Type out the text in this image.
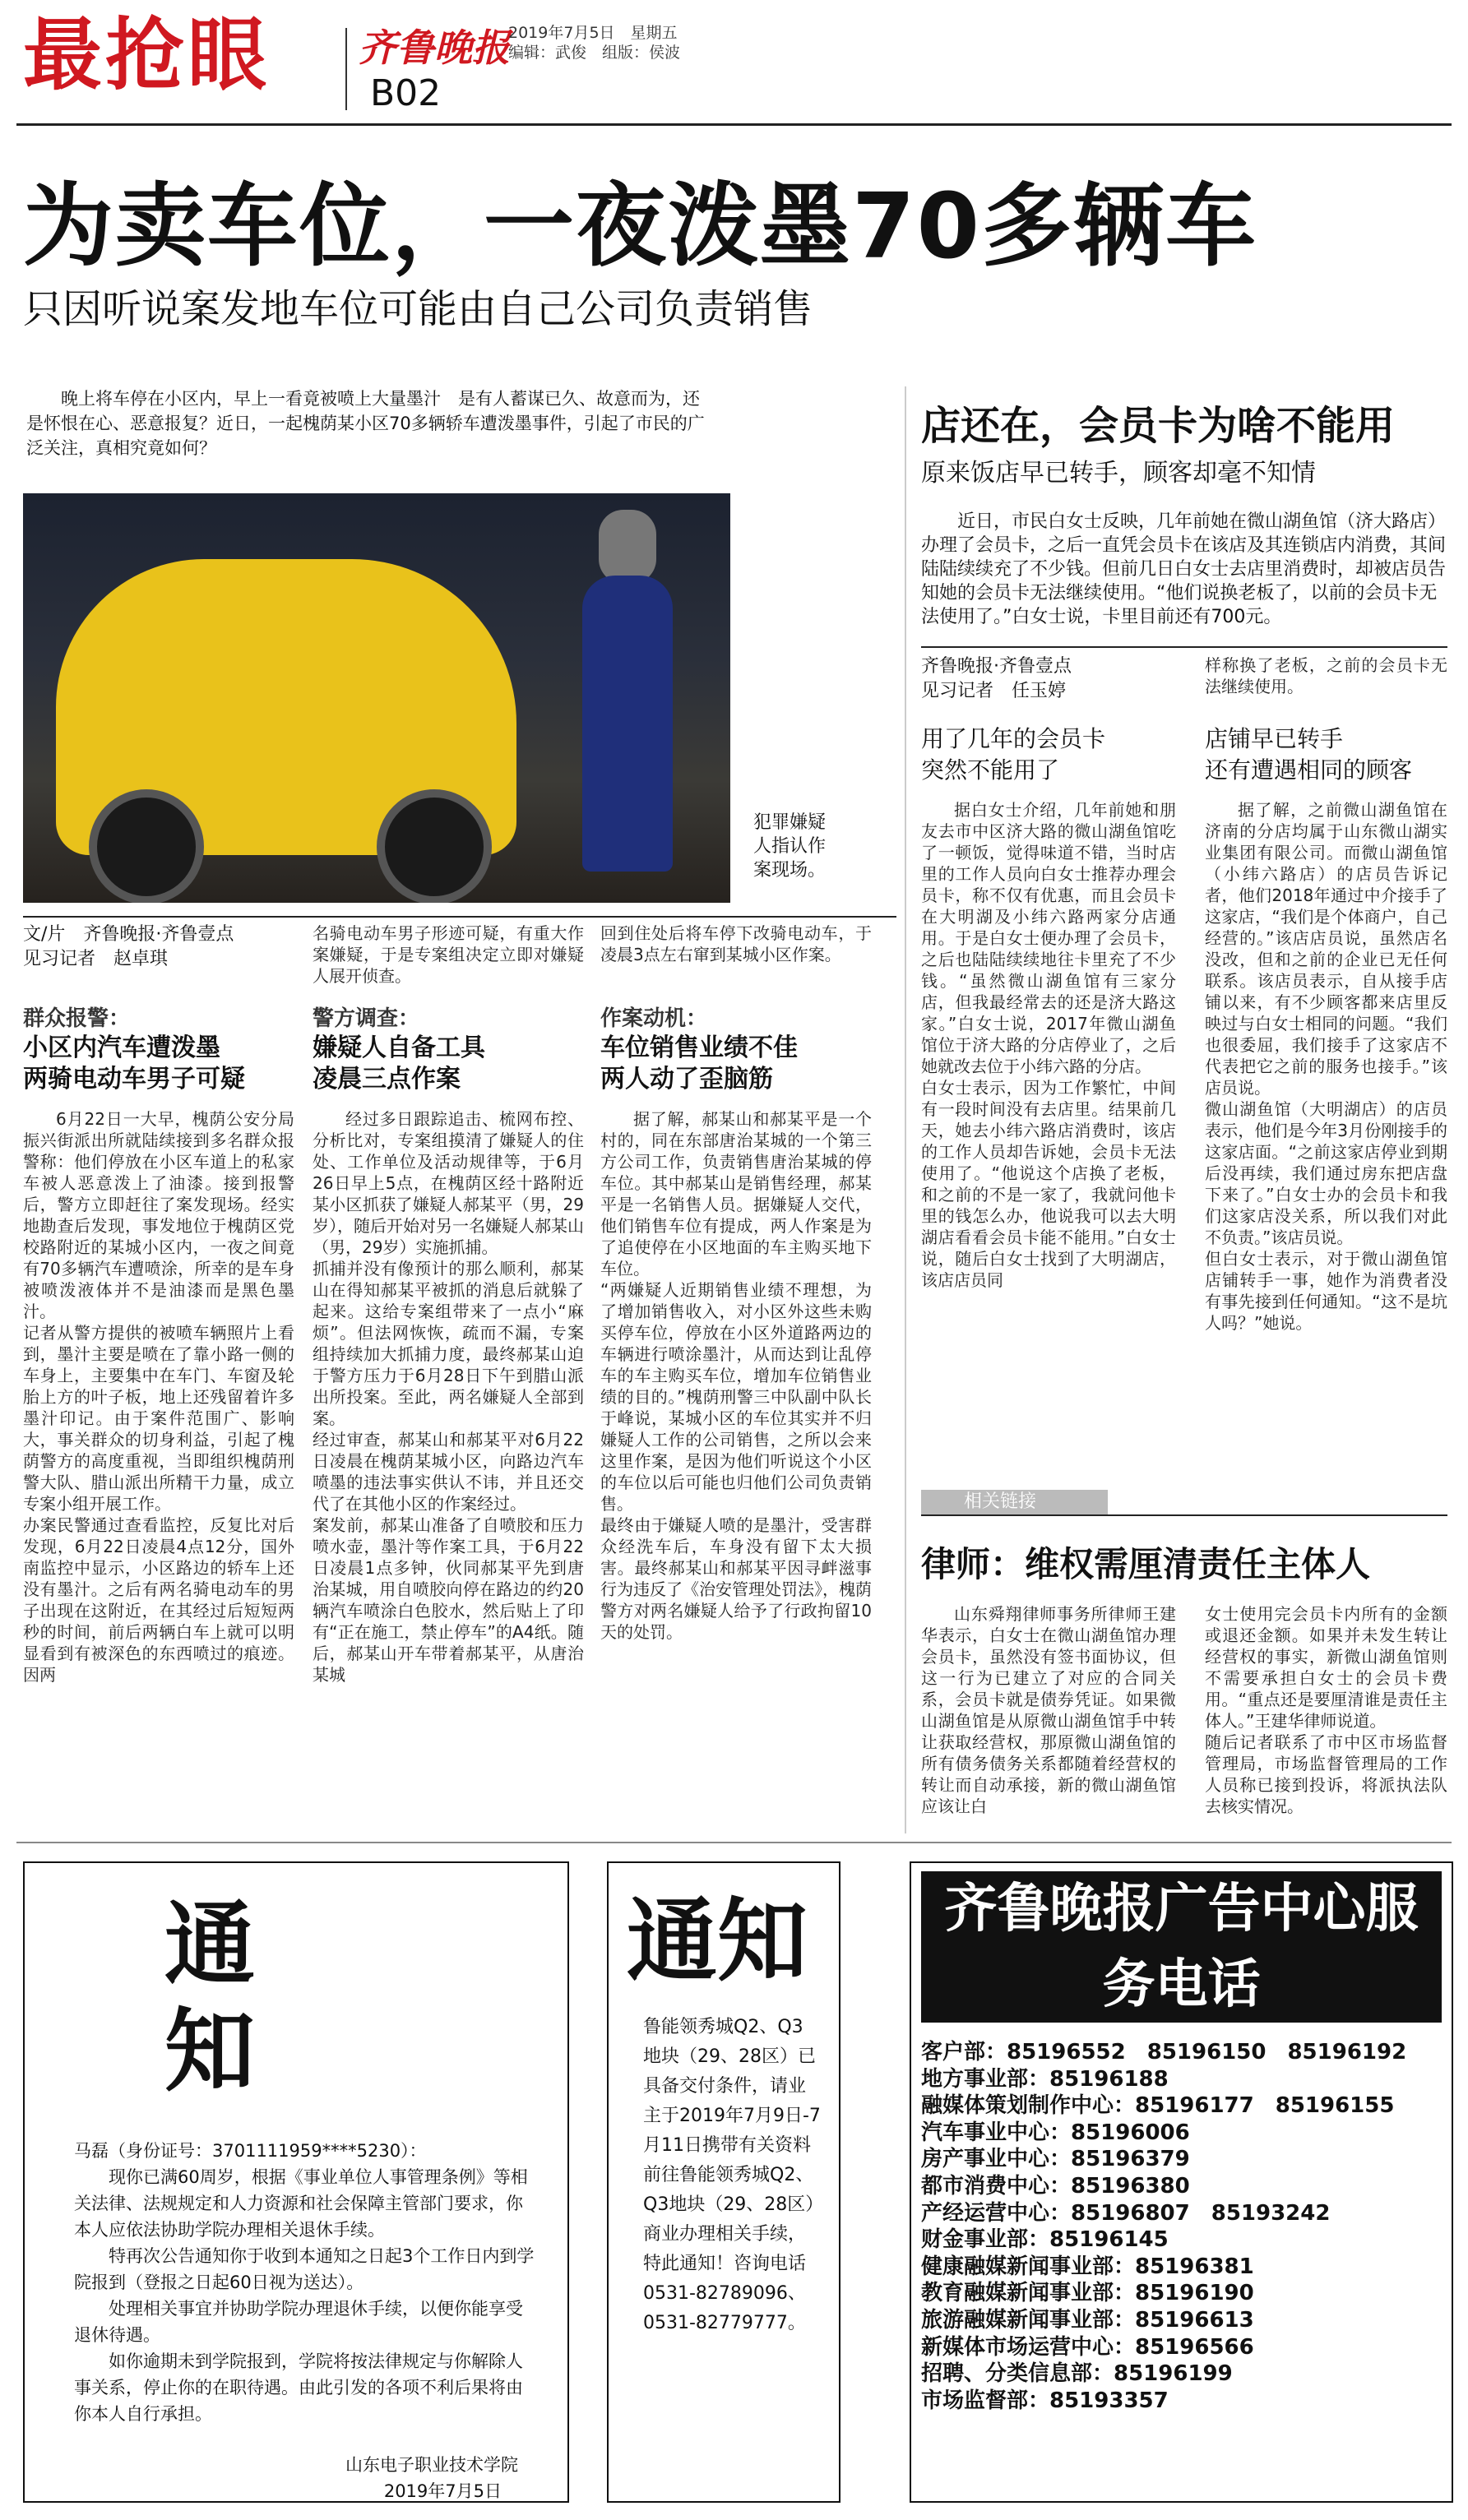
最抢眼 齐鲁晚报
B02
2019年7月5日　星期五
编辑：武俊　组版：侯波
为卖车位，一夜泼墨70多辆车
只因听说案发地车位可能由自己公司负责销售

晚上将车停在小区内，早上一看竟被喷上大量墨汁　是有人蓄谋已久、故意而为，还是怀恨在心、恶意报复？近日，一起槐荫某小区70多辆轿车遭泼墨事件，引起了市民的广泛关注，真相究竟如何？

犯罪嫌疑人指认作案现场。
文/片　齐鲁晚报·齐鲁壹点
见习记者　赵卓琪
群众报警：
小区内汽车遭泼墨
两骑电动车男子可疑
6月22日一大早，槐荫公安分局振兴街派出所就陆续接到多名群众报警称：他们停放在小区车道上的私家车被人恶意泼上了油漆。接到报警后，警方立即赶往了案发现场。经实地勘查后发现，事发地位于槐荫区党校路附近的某城小区内，一夜之间竟有70多辆汽车遭喷涂，所幸的是车身被喷泼液体并不是油漆而是黑色墨汁。
记者从警方提供的被喷车辆照片上看到，墨汁主要是喷在了靠小路一侧的车身上，主要集中在车门、车窗及轮胎上方的叶子板，地上还残留着许多墨汁印记。由于案件范围广、影响大，事关群众的切身利益，引起了槐荫警方的高度重视，当即组织槐荫刑警大队、腊山派出所精干力量，成立专案小组开展工作。
办案民警通过查看监控，反复比对后发现，6月22日凌晨4点12分，国外南监控中显示，小区路边的轿车上还没有墨汁。之后有两名骑电动车的男子出现在这附近，在其经过后短短两秒的时间，前后两辆白车上就可以明显看到有被深色的东西喷过的痕迹。因两
名骑电动车男子形迹可疑，有重大作案嫌疑，于是专案组决定立即对嫌疑人展开侦查。
警方调查：
嫌疑人自备工具
凌晨三点作案
经过多日跟踪追击、梳网布控、分析比对，专案组摸清了嫌疑人的住处、工作单位及活动规律等，于6月26日早上5点，在槐荫区经十路附近某小区抓获了嫌疑人郝某平（男，29岁），随后开始对另一名嫌疑人郝某山（男，29岁）实施抓捕。
抓捕并没有像预计的那么顺利，郝某山在得知郝某平被抓的消息后就躲了起来。这给专案组带来了一点小“麻烦”。但法网恢恢，疏而不漏，专案组持续加大抓捕力度，最终郝某山迫于警方压力于6月28日下午到腊山派出所投案。至此，两名嫌疑人全部到案。
经过审查，郝某山和郝某平对6月22日凌晨在槐荫某城小区，向路边汽车喷墨的违法事实供认不讳，并且还交代了在其他小区的作案经过。
案发前，郝某山准备了自喷胶和压力喷水壶，墨汁等作案工具，于6月22日凌晨1点多钟，伙同郝某平先到唐治某城，用自喷胶向停在路边的约20辆汽车喷涂白色胶水，然后贴上了印有“正在施工，禁止停车”的A4纸。随后，郝某山开车带着郝某平，从唐治某城
回到住处后将车停下改骑电动车，于凌晨3点左右窜到某城小区作案。
作案动机：
车位销售业绩不佳
两人动了歪脑筋
据了解，郝某山和郝某平是一个村的，同在东部唐治某城的一个第三方公司工作，负责销售唐治某城的停车位。其中郝某山是销售经理，郝某平是一名销售人员。据嫌疑人交代，他们销售车位有提成，两人作案是为了追使停在小区地面的车主购买地下车位。
“两嫌疑人近期销售业绩不理想，为了增加销售收入，对小区外这些未购买停车位，停放在小区外道路两边的车辆进行喷涂墨汁，从而达到让乱停车的车主购买车位，增加车位销售业绩的目的。”槐荫刑警三中队副中队长于峰说，某城小区的车位其实并不归嫌疑人工作的公司销售，之所以会来这里作案，是因为他们听说这个小区的车位以后可能也归他们公司负责销售。
最终由于嫌疑人喷的是墨汁，受害群众经洗车后，车身没有留下太大损害。最终郝某山和郝某平因寻衅滋事行为违反了《治安管理处罚法》，槐荫警方对两名嫌疑人给予了行政拘留10天的处罚。
店还在，会员卡为啥不能用
原来饭店早已转手，顾客却毫不知情

近日，市民白女士反映，几年前她在微山湖鱼馆（济大路店）办理了会员卡，之后一直凭会员卡在该店及其连锁店内消费，其间陆陆续续充了不少钱。但前几日白女士去店里消费时，却被店员告知她的会员卡无法继续使用。“他们说换老板了，以前的会员卡无法使用了。”白女士说，卡里目前还有700元。

齐鲁晚报·齐鲁壹点
见习记者　任玉婷
样称换了老板，之前的会员卡无法继续使用。
用了几年的会员卡
突然不能用了
据白女士介绍，几年前她和朋友去市中区济大路的微山湖鱼馆吃了一顿饭，觉得味道不错，当时店里的工作人员向白女士推荐办理会员卡，称不仅有优惠，而且会员卡在大明湖及小纬六路两家分店通用。于是白女士便办理了会员卡，之后也陆陆续续地往卡里充了不少钱。“虽然微山湖鱼馆有三家分店，但我最经常去的还是济大路这家。”白女士说，2017年微山湖鱼馆位于济大路的分店停业了，之后她就改去位于小纬六路的分店。
白女士表示，因为工作繁忙，中间有一段时间没有去店里。结果前几天，她去小纬六路店消费时，该店的工作人员却告诉她，会员卡无法使用了。“他说这个店换了老板，和之前的不是一家了，我就问他卡里的钱怎么办，他说我可以去大明湖店看看会员卡能不能用。”白女士说，随后白女士找到了大明湖店，该店店员同
店铺早已转手
还有遭遇相同的顾客
据了解，之前微山湖鱼馆在济南的分店均属于山东微山湖实业集团有限公司。而微山湖鱼馆（小纬六路店）的店员告诉记者，他们2018年通过中介接手了这家店，“我们是个体商户，自己经营的。”该店店员说，虽然店名没改，但和之前的企业已无任何联系。该店员表示，自从接手店铺以来，有不少顾客都来店里反映过与白女士相同的问题。“我们也很委屈，我们接手了这家店不代表把它之前的服务也接手。”该店员说。
微山湖鱼馆（大明湖店）的店员表示，他们是今年3月份刚接手的这家店面。“之前这家店停业到期后没再续，我们通过房东把店盘下来了。”白女士办的会员卡和我们这家店没关系，所以我们对此不负责。”该店员说。
但白女士表示，对于微山湖鱼馆店铺转手一事，她作为消费者没有事先接到任何通知。“这不是坑人吗？”她说。
相关链接
律师：维权需厘清责任主体人
山东舜翔律师事务所律师王建华表示，白女士在微山湖鱼馆办理会员卡，虽然没有签书面协议，但这一行为已建立了对应的合同关系，会员卡就是债券凭证。如果微山湖鱼馆是从原微山湖鱼馆手中转让获取经营权，那原微山湖鱼馆的所有债务债务关系都随着经营权的转让而自动承接，新的微山湖鱼馆应该让白
女士使用完会员卡内所有的金额或退还金额。如果并未发生转让经营权的事实，新微山湖鱼馆则不需要承担白女士的会员卡费用。“重点还是要厘清谁是责任主体人。”王建华律师说道。
随后记者联系了市中区市场监督管理局，市场监督管理局的工作人员称已接到投诉，将派执法队去核实情况。
通　知

马磊（身份证号：3701111959****5230）：

现你已满60周岁，根据《事业单位人事管理条例》等相关法律、法规规定和人力资源和社会保障主管部门要求，你本人应依法协助学院办理相关退休手续。

特再次公告通知你于收到本通知之日起3个工作日内到学院报到（登报之日起60日视为送达）。

处理相关事宜并协助学院办理退休手续，以便你能享受退休待遇。

如你逾期未到学院报到，学院将按法律规定与你解除人事关系，停止你的在职待遇。由此引发的各项不利后果将由你本人自行承担。

山东电子职业技术学院

2019年7月5日

通知
鲁能领秀城Q2、Q3地块（29、28区）已具备交付条件，请业主于2019年7月9日-7月11日携带有关资料前往鲁能领秀城Q2、Q3地块（29、28区）商业办理相关手续，特此通知！咨询电话0531-82789096、0531-82779777。
齐鲁晚报广告中心服务电话
客户部：85196552　85196150　85196192
地方事业部：85196188
融媒体策划制作中心：85196177　85196155
汽车事业中心：85196006
房产事业中心：85196379
都市消费中心：85196380
产经运营中心：85196807　85193242
财金事业部：85196145
健康融媒新闻事业部：85196381
教育融媒新闻事业部：85196190
旅游融媒新闻事业部：85196613
新媒体市场运营中心：85196566
招聘、分类信息部：85196199
市场监督部：85193357
